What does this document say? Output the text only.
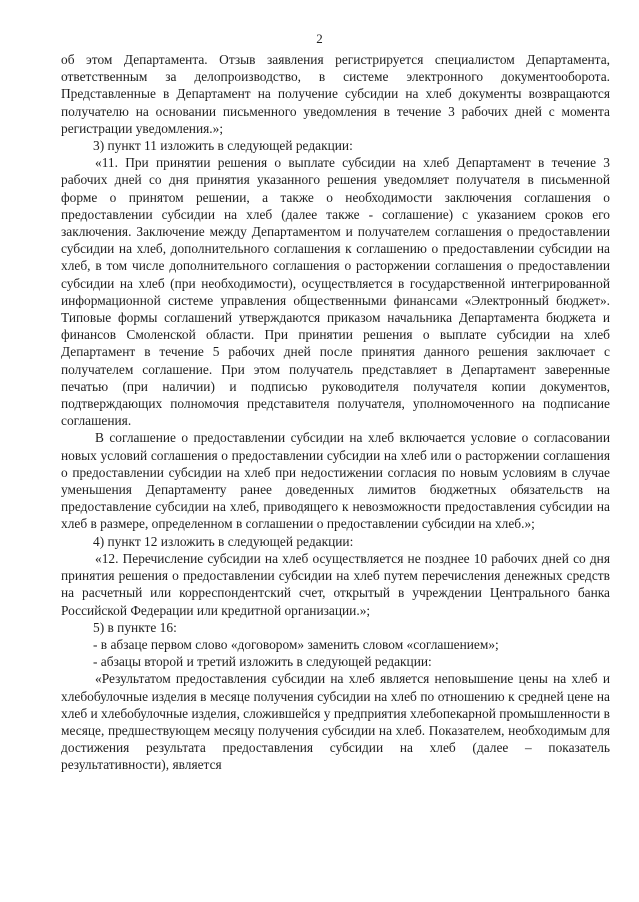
2

об этом Департамента. Отзыв заявления регистрируется специалистом Департамента, ответственным за делопроизводство, в системе электронного документооборота. Представленные в Департамент на получение субсидии на хлеб документы возвращаются получателю на основании письменного уведомления в течение 3 рабочих дней с момента регистрации уведомления.»;

3) пункт 11 изложить в следующей редакции:

«11. При принятии решения о выплате субсидии на хлеб Департамент в течение 3 рабочих дней со дня принятия указанного решения уведомляет получателя в письменной форме о принятом решении, а также о необходимости заключения соглашения о предоставлении субсидии на хлеб (далее также - соглашение) с указанием сроков его заключения. Заключение между Департаментом и получателем соглашения о предоставлении субсидии на хлеб, дополнительного соглашения к соглашению о предоставлении субсидии на хлеб, в том числе дополнительного соглашения о расторжении соглашения о предоставлении субсидии на хлеб (при необходимости), осуществляется в государственной интегрированной информационной системе управления общественными финансами «Электронный бюджет». Типовые формы соглашений утверждаются приказом начальника Департамента бюджета и финансов Смоленской области. При принятии решения о выплате субсидии на хлеб Департамент в течение 5 рабочих дней после принятия данного решения заключает с получателем соглашение. При этом получатель представляет в Департамент заверенные печатью (при наличии) и подписью руководителя получателя копии документов, подтверждающих полномочия представителя получателя, уполномоченного на подписание соглашения.

В соглашение о предоставлении субсидии на хлеб включается условие о согласовании новых условий соглашения о предоставлении субсидии на хлеб или о расторжении соглашения о предоставлении субсидии на хлеб при недостижении согласия по новым условиям в случае уменьшения Департаменту ранее доведенных лимитов бюджетных обязательств на предоставление субсидии на хлеб, приводящего к невозможности предоставления субсидии на хлеб в размере, определенном в соглашении о предоставлении субсидии на хлеб.»;

4) пункт 12 изложить в следующей редакции:

«12. Перечисление субсидии на хлеб осуществляется не позднее 10 рабочих дней со дня принятия решения о предоставлении субсидии на хлеб путем перечисления денежных средств на расчетный или корреспондентский счет, открытый в учреждении Центрального банка Российской Федерации или кредитной организации.»;

5) в пункте 16:

- в абзаце первом слово «договором» заменить словом «соглашением»;

- абзацы второй и третий изложить в следующей редакции:

«Результатом предоставления субсидии на хлеб является неповышение цены на хлеб и хлебобулочные изделия в месяце получения субсидии на хлеб по отношению к средней цене на хлеб и хлебобулочные изделия, сложившейся у предприятия хлебопекарной промышленности в месяце, предшествующем месяцу получения субсидии на хлеб. Показателем, необходимым для достижения результата предоставления субсидии на хлеб (далее – показатель результативности), является
